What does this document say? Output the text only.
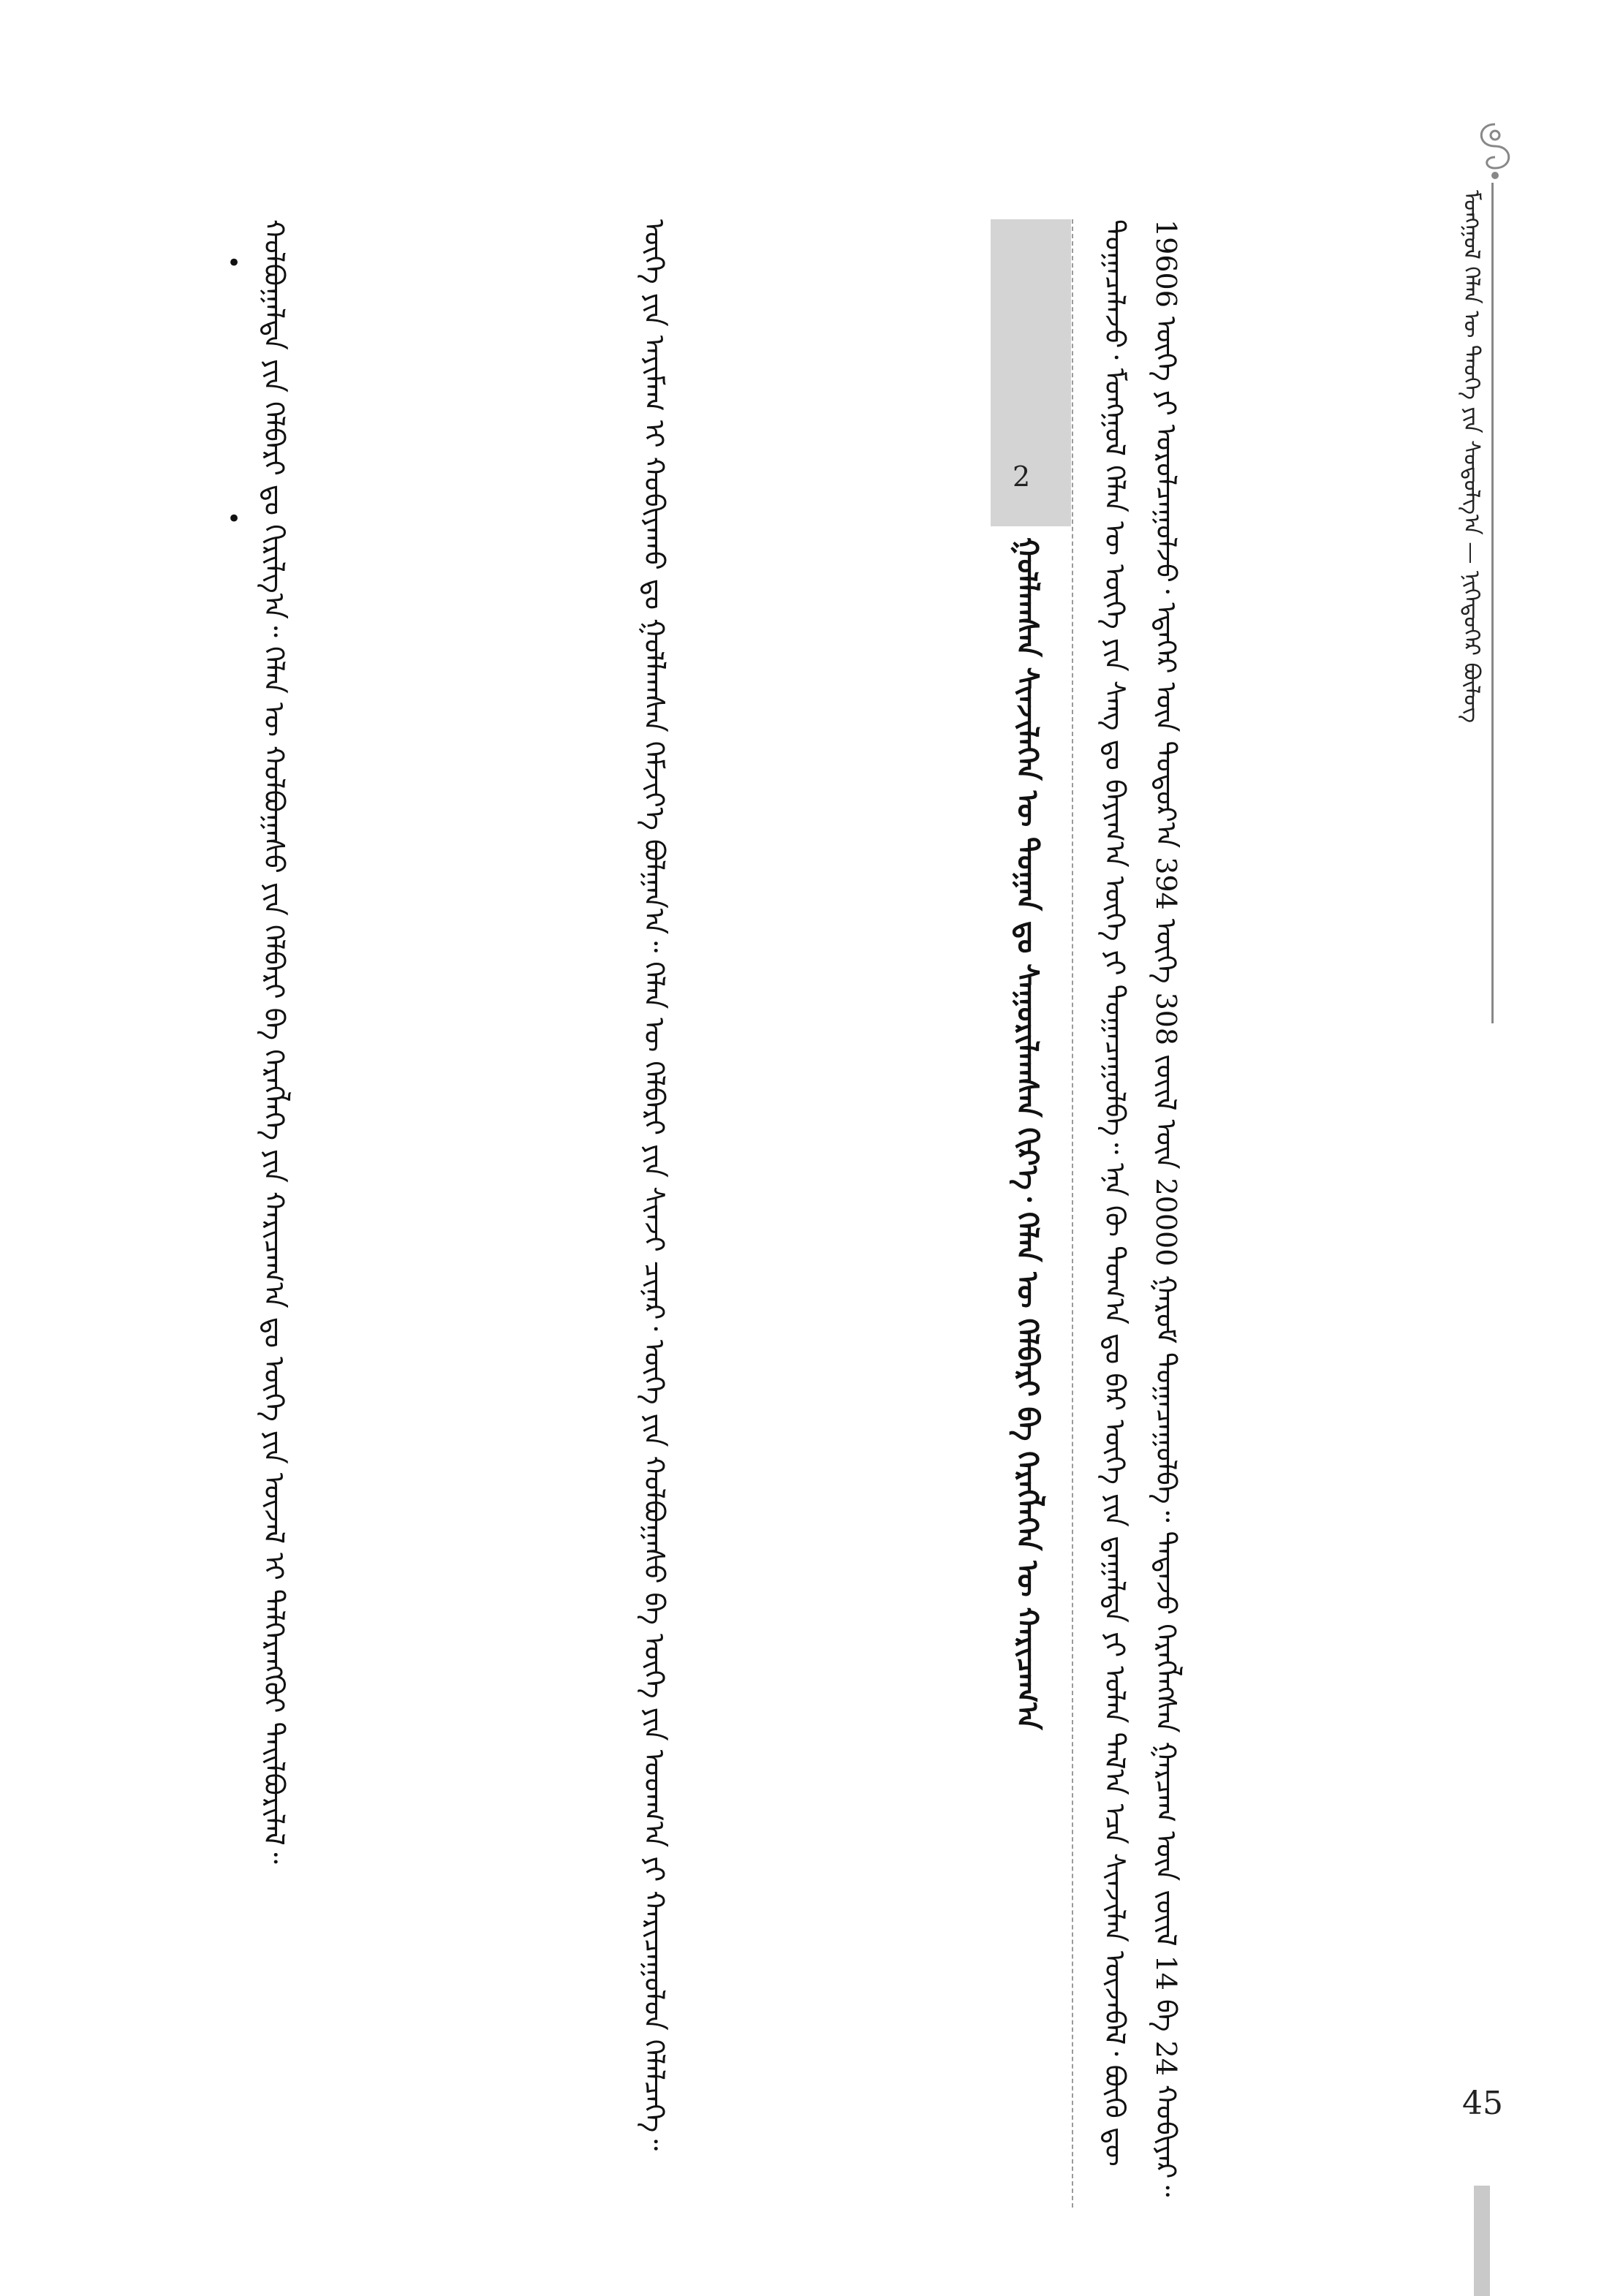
ᠮᠣᠩᠭᠣᠯ ᠬᠡᠯᠡᠨ ᠦ ᠲᠡᠦᠬᠡ ᠶᠢᠨ ᠰᠤᠳᠤᠯᠭ᠎ᠠ — ᠨᠢᠭᠡᠳᠦᠭᠡᠷ ᠪᠦᠯᠦᠭ
ᠲᠣᠭᠠᠴᠠᠯᠠᠵᠤ᠂ ᠮᠣᠩᠭᠣᠯ ᠬᠡᠯᠡᠨ ᠦ ᠦᠭᠡ ᠶᠢᠨ ᠰᠠᠩ ᠳᠤ ᠪᠠᠶᠢᠭ᠎ᠠ ᠦᠭᠡ ᠶᠢ ᠲᠣᠭᠠᠴᠠᠭᠤᠯᠪᠠ᠃ ᠡᠨᠡ ᠬᠦ ᠲᠣᠭ᠎ᠠ ᠳᠤ ᠪᠠᠷ ᠦᠭᠡ ᠶᠢᠨ ᠳ᠋ᠠᠭᠠᠯᠳᠠ ᠶᠢ ᠣᠯᠠᠨ ᠲᠠᠯ᠎ᠠ ᠡᠴᠡ ᠰᠢᠨᠵᠢᠯᠡᠨ ᠦᠵᠡᠪᠡᠯ᠂ ᠪᠦᠬᠦ ᠳᠦ 19606 ᠦᠭᠡ ᠶᠢ ᠣᠷᠣᠯᠴᠠᠭᠤᠯᠵᠤ᠂ ᠡᠳᠡᠭᠡᠷ ᠦᠨ ᠳᠣᠲᠣᠷ᠎ᠠ 394 ᠦᠭᠡ 308 ᠵᠦᠢᠯ ᠦᠨ 20000 ᠭᠠᠷᠤᠮ ᠲᠣᠭᠠᠴᠠᠭᠤᠯᠪᠠ᠃ ᠲᠠᠲᠠᠵᠤ ᠬᠡᠷᠡᠭᠯᠡᠭᠰᠡᠨ ᠭᠠᠷᠴᠠᠭ ᠦᠨ ᠵᠦᠢᠯ 14 ᠪᠠ 24 ᠬᠤᠪᠢᠶᠠᠷ᠃
2
ᠭᠣᠯᠯᠠᠭᠰᠠᠨ ᠰᠢᠨᠵᠢᠯᠡᠭᠡᠨ ᠦ ᠲᠣᠭᠠᠨ ᠳᠤ ᠰᠠᠭᠤᠷᠢᠯᠠᠭᠰᠠᠨ ᠬᠢᠷ᠎ᠡ᠂ ᠬᠡᠯᠡᠨ ᠦ ᠬᠡᠯᠪᠡᠷᠢ ᠪᠠ ᠬᠡᠷᠡᠭᠯᠡᠭᠡᠨ ᠦ ᠬᠠᠷᠢᠴᠠᠭ᠎ᠠ
ᠦᠭᠡ ᠶᠢᠨ ᠠᠶᠢᠮᠠᠭ ᠢ ᠬᠤᠪᠢᠶᠠᠬᠤ ᠳᠤ ᠭᠣᠯᠯᠠᠭᠰᠠᠨ ᠬᠡᠮᠵᠢᠶ᠎ᠡ ᠪᠣᠯᠭᠠᠨ᠎ᠠ᠃ ᠬᠡᠯᠡᠨ ᠦ ᠬᠡᠯᠪᠡᠷᠢ ᠶᠢᠨ ᠰᠢᠨᠵᠢ ᠴᠢᠨᠠᠷ᠂ ᠦᠭᠡ ᠶᠢᠨ ᠬᠣᠯᠪᠣᠭᠠᠰᠤ ᠪᠠ ᠦᠭᠡ ᠶᠢᠨ ᠤᠳᠬ᠎ᠠ ᠶᠢ ᠬᠠᠷᠢᠴᠠᠭᠤᠯᠤᠨ ᠬᠡᠯᠡᠯᠴᠡᠭᠡ᠃
ᠬᠣᠯᠪᠣᠭᠠᠯᠳᠠ ᠶᠢᠨ ᠬᠡᠯᠪᠡᠷᠢ ᠳᠤ ᠬᠢᠷᠢᠯᠭ᠎ᠠ᠃ ᠬᠡᠯᠡᠨ ᠦ ᠬᠣᠯᠪᠣᠭᠠᠰᠤ ᠶᠢᠨ ᠬᠡᠯᠪᠡᠷᠢ ᠪᠠ ᠬᠡᠷᠡᠭᠯᠡᠭᠡ ᠶᠢᠨ ᠬᠠᠷᠢᠴᠠᠭ᠎ᠠ ᠳᠤ ᠦᠭᠡ ᠶᠢᠨ ᠦᠵᠡᠯ ᠢ ᠳᠡᠯᠭᠡᠷᠡᠩᠭᠦᠢ ᠲᠠᠢᠯᠪᠤᠷᠢᠯᠠᠯ᠃
•
•
45
